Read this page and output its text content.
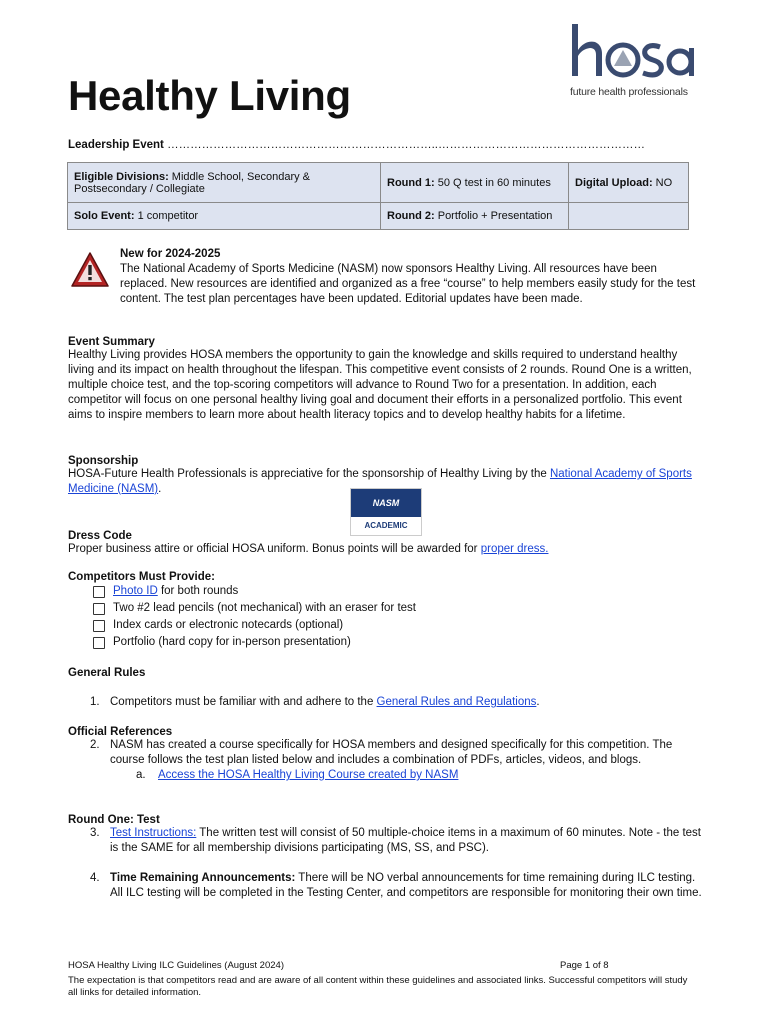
Healthy Living	future health professionals
Leadership Event ……………………………………………………………..………………………………………………
Eligible Divisions: Middle School, Secondary & Postsecondary / Collegiate	Round 1: 50 Q test in 60 minutes	Digital Upload: NO
Solo Event: 1 competitor	Round 2: Portfolio + Presentation	
New for 2024-2025
The National Academy of Sports Medicine (NASM) now sponsors Healthy Living. All resources have been replaced. New resources are identified and organized as a free “course” to help members easily study for the test content. The test plan percentages have been updated. Editorial updates have been made.
Event Summary
Healthy Living provides HOSA members the opportunity to gain the knowledge and skills required to understand healthy living and its impact on health throughout the lifespan. This competitive event consists of 2 rounds. Round One is a written, multiple choice test, and the top-scoring competitors will advance to Round Two for a presentation. In addition, each competitor will focus on one personal healthy living goal and document their efforts in a personalized portfolio. This event aims to inspire members to learn more about health literacy topics and to develop healthy habits for a lifetime.
Sponsorship
HOSA-Future Health Professionals is appreciative for the sponsorship of Healthy Living by the National Academy of Sports Medicine (NASM).
NASM
ACADEMIC
Dress Code
Proper business attire or official HOSA uniform. Bonus points will be awarded for proper dress.
Competitors Must Provide:
Photo ID for both rounds
Two #2 lead pencils (not mechanical) with an eraser for test
Index cards or electronic notecards (optional)
Portfolio (hard copy for in-person presentation)
General Rules
1. Competitors must be familiar with and adhere to the General Rules and Regulations.
Official References
2. NASM has created a course specifically for HOSA members and designed specifically for this competition. The course follows the test plan listed below and includes a combination of PDFs, articles, videos, and blogs.
a. Access the HOSA Healthy Living Course created by NASM
Round One: Test
3. Test Instructions: The written test will consist of 50 multiple-choice items in a maximum of 60 minutes. Note - the test is the SAME for all membership divisions participating (MS, SS, and PSC).
4. Time Remaining Announcements: There will be NO verbal announcements for time remaining during ILC testing. All ILC testing will be completed in the Testing Center, and competitors are responsible for monitoring their own time.
HOSA Healthy Living ILC Guidelines (August 2024)	Page 1 of 8
The expectation is that competitors read and are aware of all content within these guidelines and associated links. Successful competitors will study all links for detailed information.
